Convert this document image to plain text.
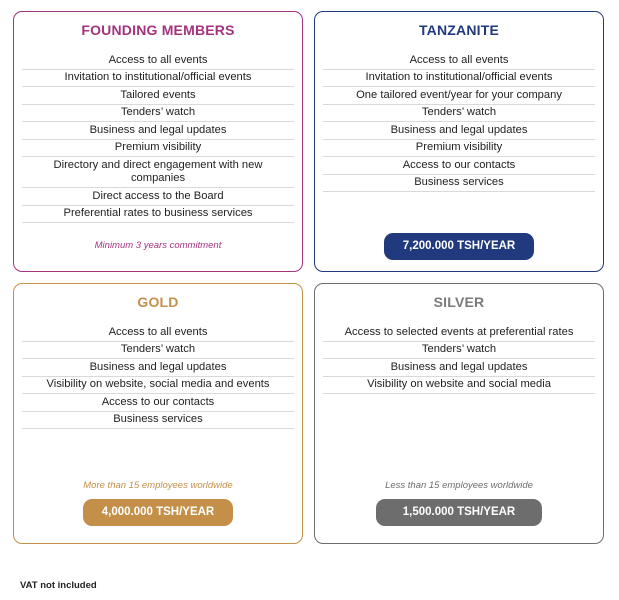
FOUNDING MEMBERS
Access to all events
Invitation to institutional/official events
Tailored events
Tenders’ watch
Business and legal updates
Premium visibility
Directory and direct engagement with new companies
Direct access to the Board
Preferential rates to business services
Minimum 3 years commitment
TANZANITE
Access to all events
Invitation to institutional/official events
One tailored event/year for your company
Tenders’ watch
Business and legal updates
Premium visibility
Access to our contacts
Business services
7,200.000 TSH/YEAR
GOLD
Access to all events
Tenders’ watch
Business and legal updates
Visibility on website, social media and events
Access to our contacts
Business services
More than 15 employees worldwide
4,000.000 TSH/YEAR
SILVER
Access to selected events at preferential rates
Tenders’ watch
Business and legal updates
Visibility on website and social media
Less than 15 employees worldwide
1,500.000 TSH/YEAR
VAT not included
